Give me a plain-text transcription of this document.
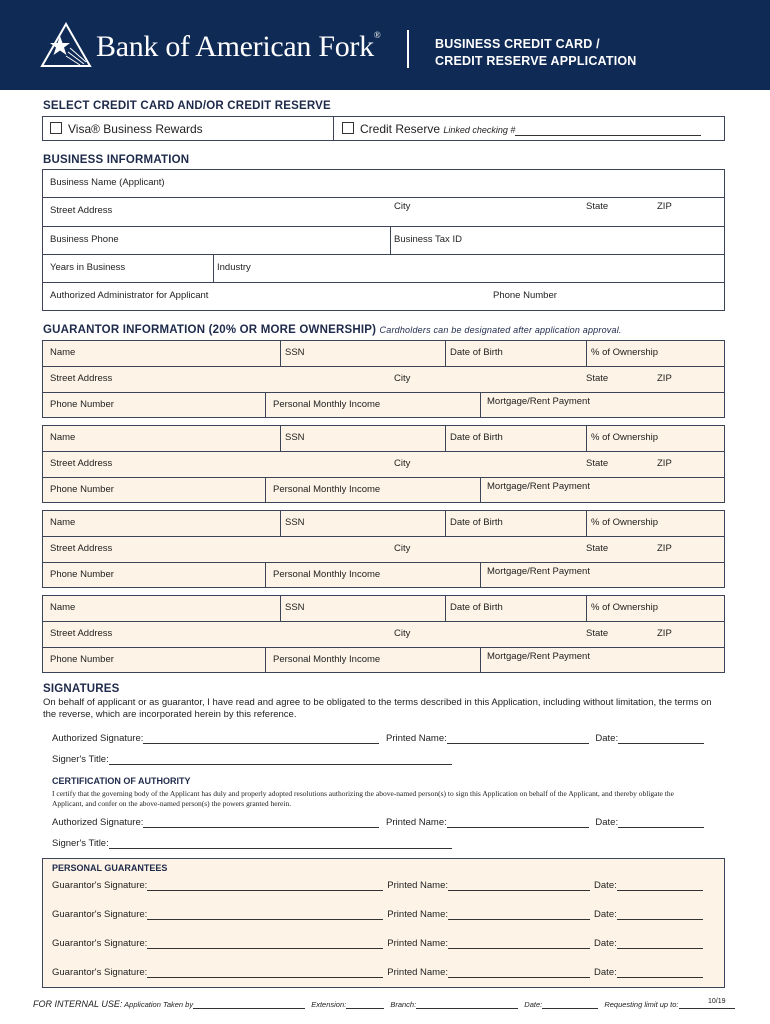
Bank of American Fork®
BUSINESS CREDIT CARD /
CREDIT RESERVE APPLICATION
SELECT CREDIT CARD AND/OR CREDIT RESERVE
Visa® Business Rewards	Credit Reserve Linked checking #
BUSINESS INFORMATION
Business Name (Applicant)
Street Address	City	State	ZIP
Business Phone	Business Tax ID
Years in Business	Industry
Authorized Administrator for Applicant	Phone Number
GUARANTOR INFORMATION (20% OR MORE OWNERSHIP) Cardholders can be designated after application approval.
Name	SSN	Date of Birth	% of Ownership
Street Address	City	State	ZIP
Phone Number	Personal Monthly Income	Mortgage/Rent Payment
Name	SSN	Date of Birth	% of Ownership
Street Address	City	State	ZIP
Phone Number	Personal Monthly Income	Mortgage/Rent Payment
Name	SSN	Date of Birth	% of Ownership
Street Address	City	State	ZIP
Phone Number	Personal Monthly Income	Mortgage/Rent Payment
Name	SSN	Date of Birth	% of Ownership
Street Address	City	State	ZIP
Phone Number	Personal Monthly Income	Mortgage/Rent Payment
SIGNATURES
On behalf of applicant or as guarantor, I have read and agree to be obligated to the terms described in this Application, including without limitation, the terms on the reverse, which are incorporated herein by this reference.
Authorized Signature:	Printed Name:	Date:
Signer's Title:
CERTIFICATION OF AUTHORITY
I certify that the governing body of the Applicant has duly and properly adopted resolutions authorizing the above-named person(s) to sign this Application on behalf of the Applicant, and thereby obligate the Applicant, and confer on the above-named person(s) the powers granted herein.
Authorized Signature:	Printed Name:	Date:
Signer's Title:
PERSONAL GUARANTEES
Guarantor's Signature:	Printed Name:	Date:
Guarantor's Signature:	Printed Name:	Date:
Guarantor's Signature:	Printed Name:	Date:
Guarantor's Signature:	Printed Name:	Date:
FOR INTERNAL USE: Application Taken by	Extension:	Branch:	Date:	Requesting limit up to:	10/19
